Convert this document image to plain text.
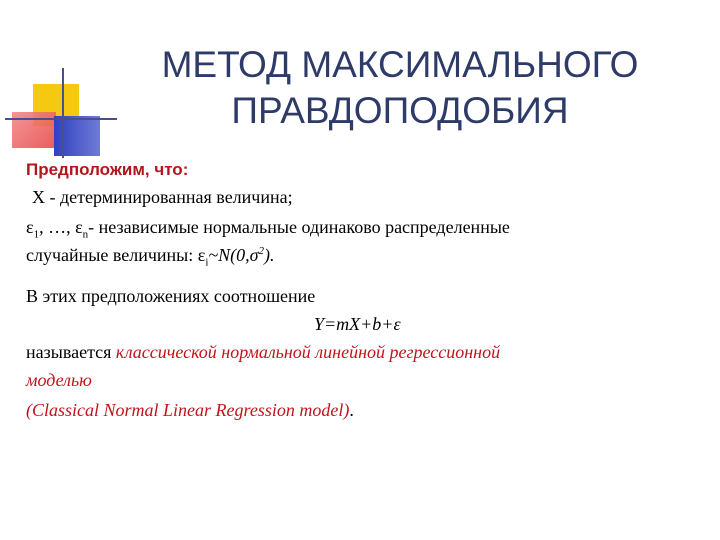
МЕТОД МАКСИМАЛЬНОГО
ПРАВДОПОДОБИЯ
Предположим, что:
X - детерминированная величина;
$\varepsilon_1$, …, $\varepsilon_n-$ независимые нормальные одинаково распределенные
случайные величины: $\varepsilon_i\sim N(0,\sigma^2)$.
В этих предположениях соотношение
Y=mX+b+ε
называется классической нормальной линейной регрессионной
моделью
(Classical Normal Linear Regression model).
